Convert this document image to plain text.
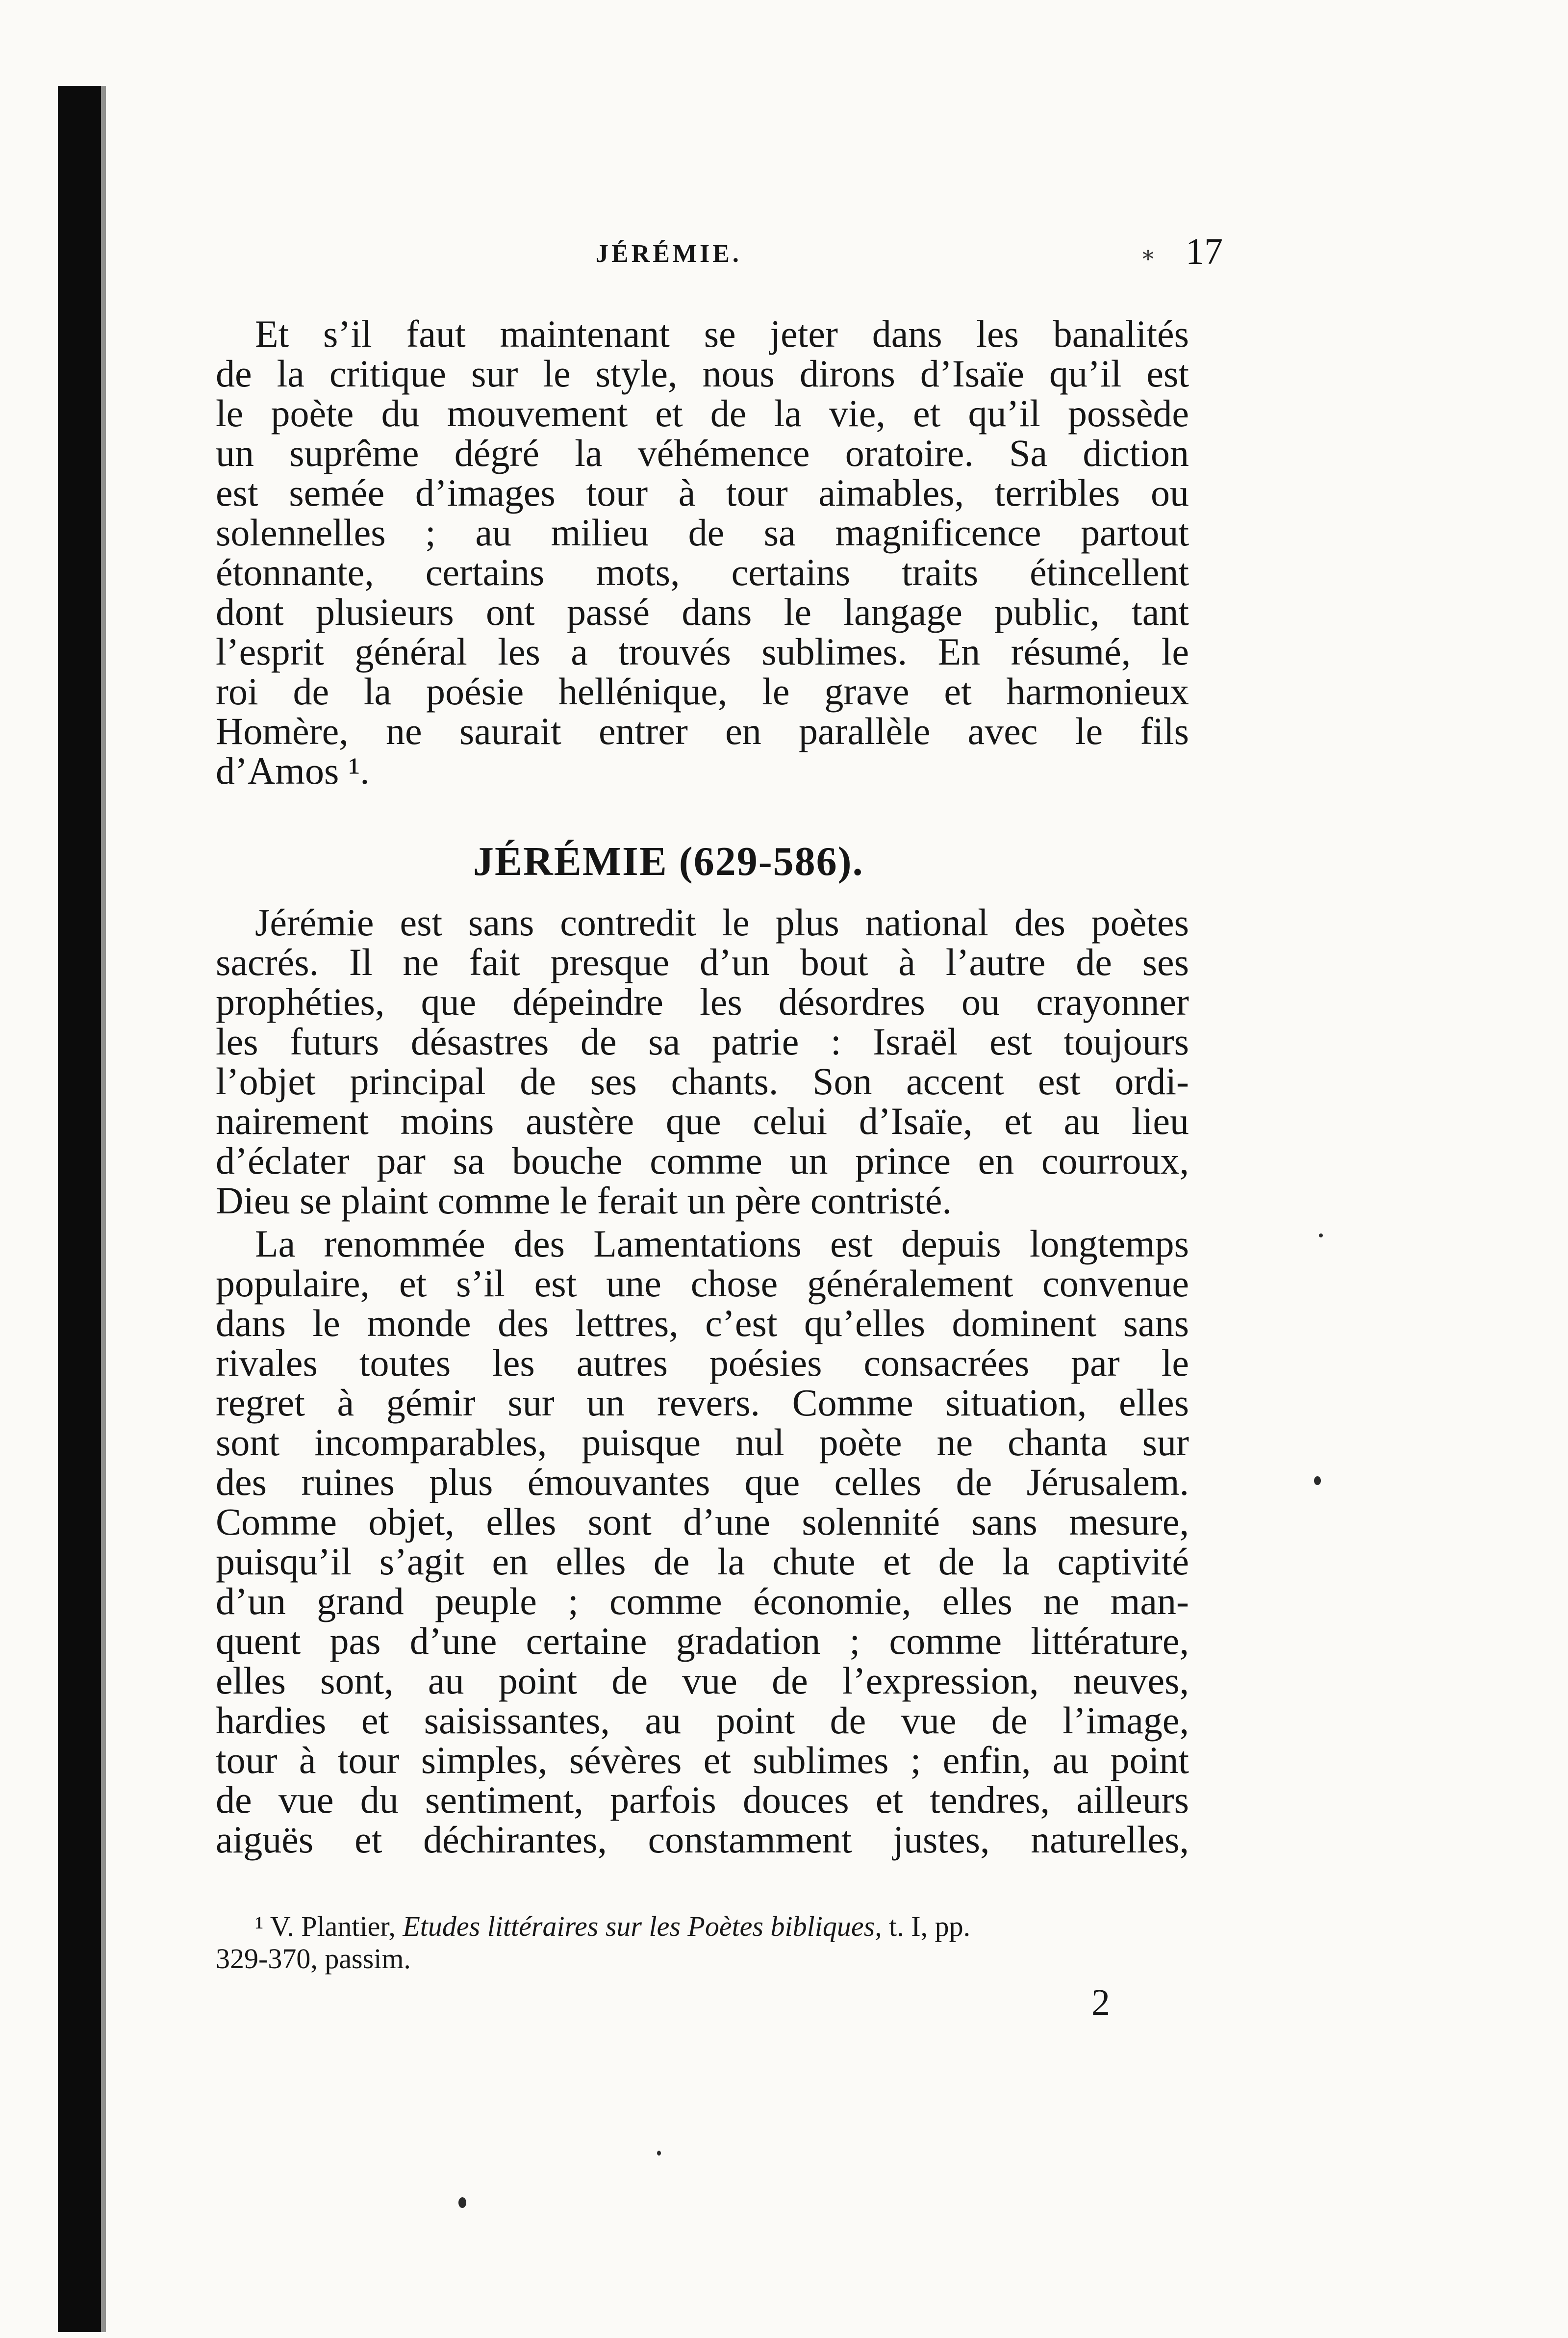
JÉRÉMIE.	⁎ 17
Et s’il faut maintenant se jeter dans les banalités
de la critique sur le style, nous dirons d’Isaïe qu’il est
le poète du mouvement et de la vie, et qu’il possède
un suprême dégré la véhémence oratoire. Sa diction
est semée d’images tour à tour aimables, terribles ou
solennelles ; au milieu de sa magnificence partout
étonnante, certains mots, certains traits étincellent
dont plusieurs ont passé dans le langage public, tant
l’esprit général les a trouvés sublimes. En résumé, le
roi de la poésie hellénique, le grave et harmonieux
Homère, ne saurait entrer en parallèle avec le fils
d’Amos ¹.
JÉRÉMIE (629-586).
Jérémie est sans contredit le plus national des poètes
sacrés. Il ne fait presque d’un bout à l’autre de ses
prophéties, que dépeindre les désordres ou crayonner
les futurs désastres de sa patrie : Israël est toujours
l’objet principal de ses chants. Son accent est ordi-
nairement moins austère que celui d’Isaïe, et au lieu
d’éclater par sa bouche comme un prince en courroux,
Dieu se plaint comme le ferait un père contristé.
La renommée des Lamentations est depuis longtemps
populaire, et s’il est une chose généralement convenue
dans le monde des lettres, c’est qu’elles dominent sans
rivales toutes les autres poésies consacrées par le
regret à gémir sur un revers. Comme situation, elles
sont incomparables, puisque nul poète ne chanta sur
des ruines plus émouvantes que celles de Jérusalem.
Comme objet, elles sont d’une solennité sans mesure,
puisqu’il s’agit en elles de la chute et de la captivité
d’un grand peuple ; comme économie, elles ne man-
quent pas d’une certaine gradation ; comme littérature,
elles sont, au point de vue de l’expression, neuves,
hardies et saisissantes, au point de vue de l’image,
tour à tour simples, sévères et sublimes ; enfin, au point
de vue du sentiment, parfois douces et tendres, ailleurs
aiguës et déchirantes, constamment justes, naturelles,
¹ V. Plantier, Etudes littéraires sur les Poètes bibliques, t. I, pp.
329-370, passim.
2
